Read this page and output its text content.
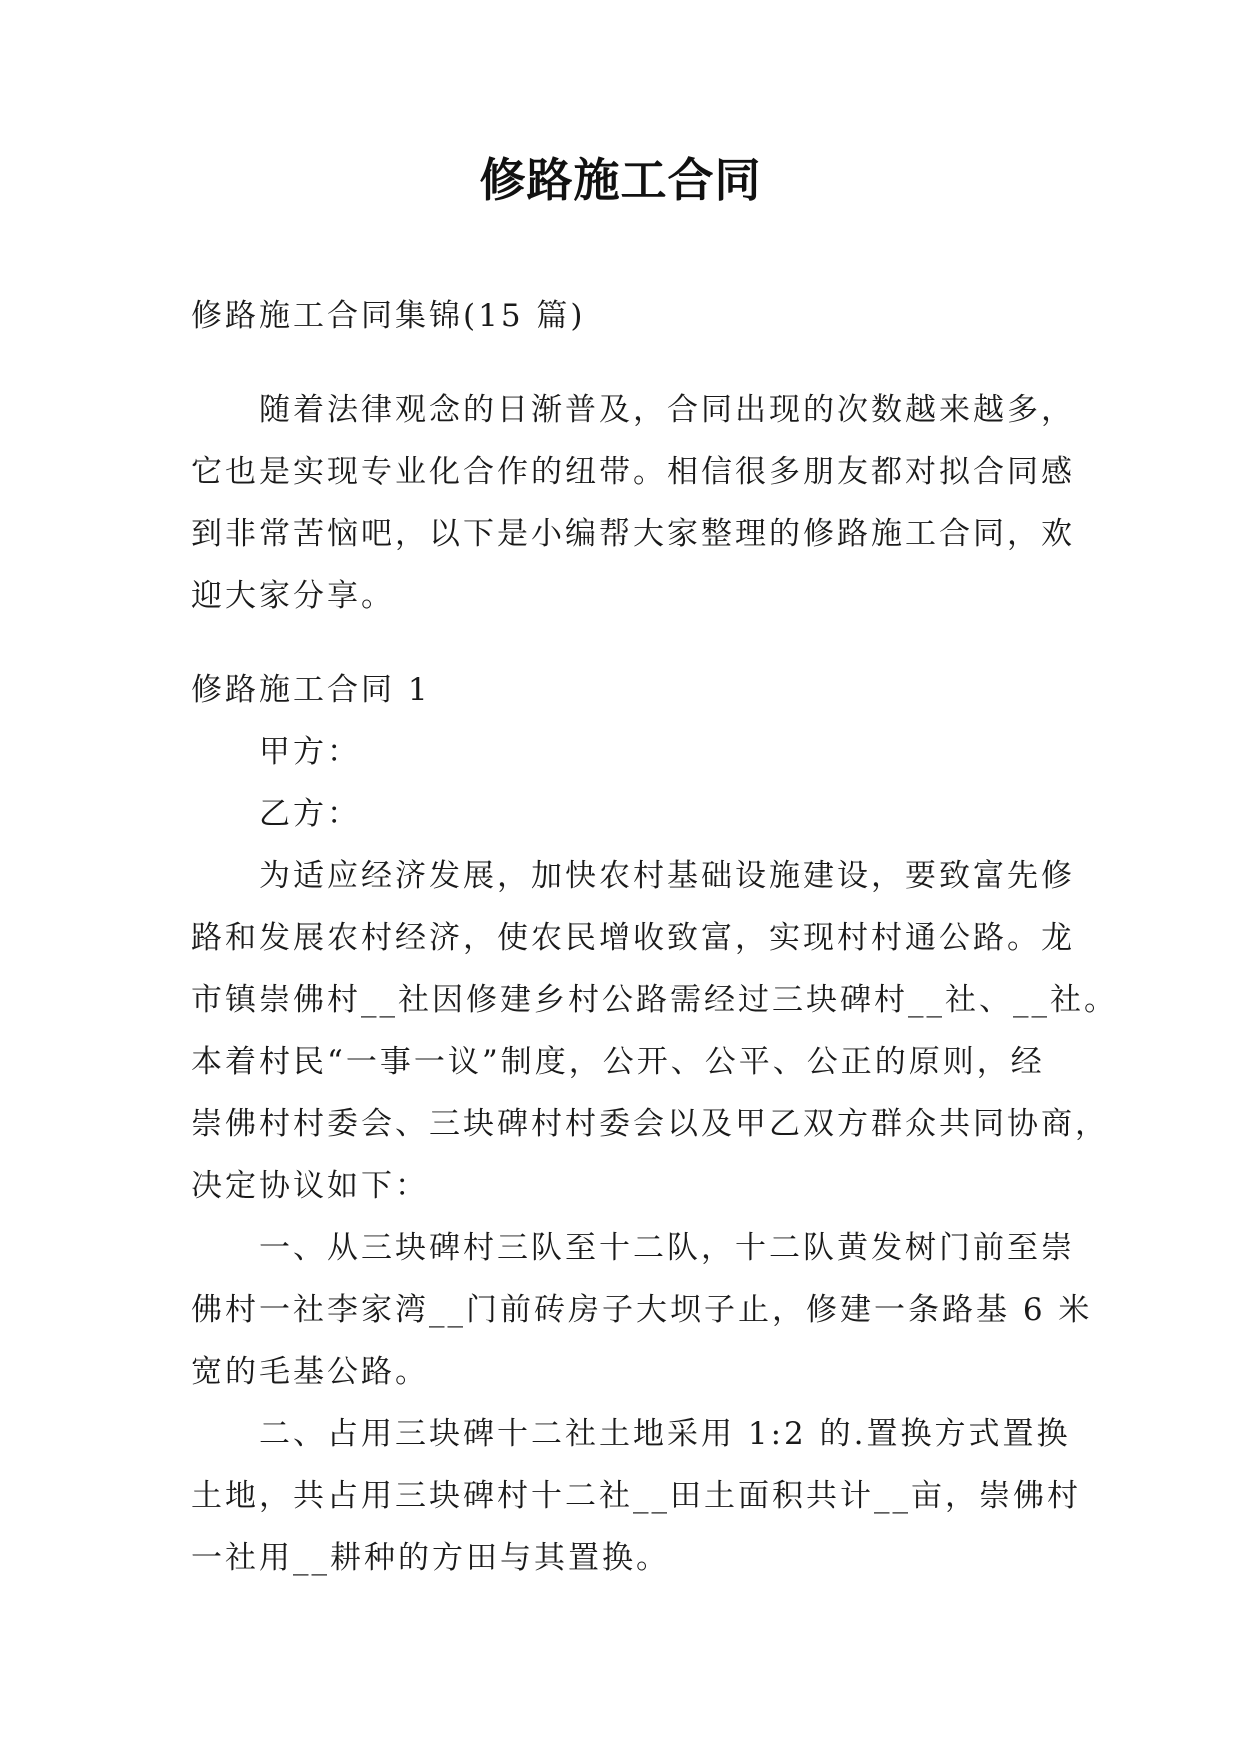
修路施工合同
修路施工合同集锦(15 篇)
随着法律观念的日渐普及，合同出现的次数越来越多，
它也是实现专业化合作的纽带。相信很多朋友都对拟合同感
到非常苦恼吧，以下是小编帮大家整理的修路施工合同，欢
迎大家分享。
修路施工合同 1
甲方：
乙方：
为适应经济发展，加快农村基础设施建设，要致富先修
路和发展农村经济，使农民增收致富，实现村村通公路。龙
市镇崇佛村__社因修建乡村公路需经过三块碑村__社、__社。
本着村民“一事一议”制度，公开、公平、公正的原则，经
崇佛村村委会、三块碑村村委会以及甲乙双方群众共同协商，
决定协议如下：
一、从三块碑村三队至十二队，十二队黄发树门前至崇
佛村一社李家湾__门前砖房子大坝子止，修建一条路基 6 米
宽的毛基公路。
二、占用三块碑十二社土地采用 1:2 的.置换方式置换
土地，共占用三块碑村十二社__田土面积共计__亩，崇佛村
一社用__耕种的方田与其置换。
